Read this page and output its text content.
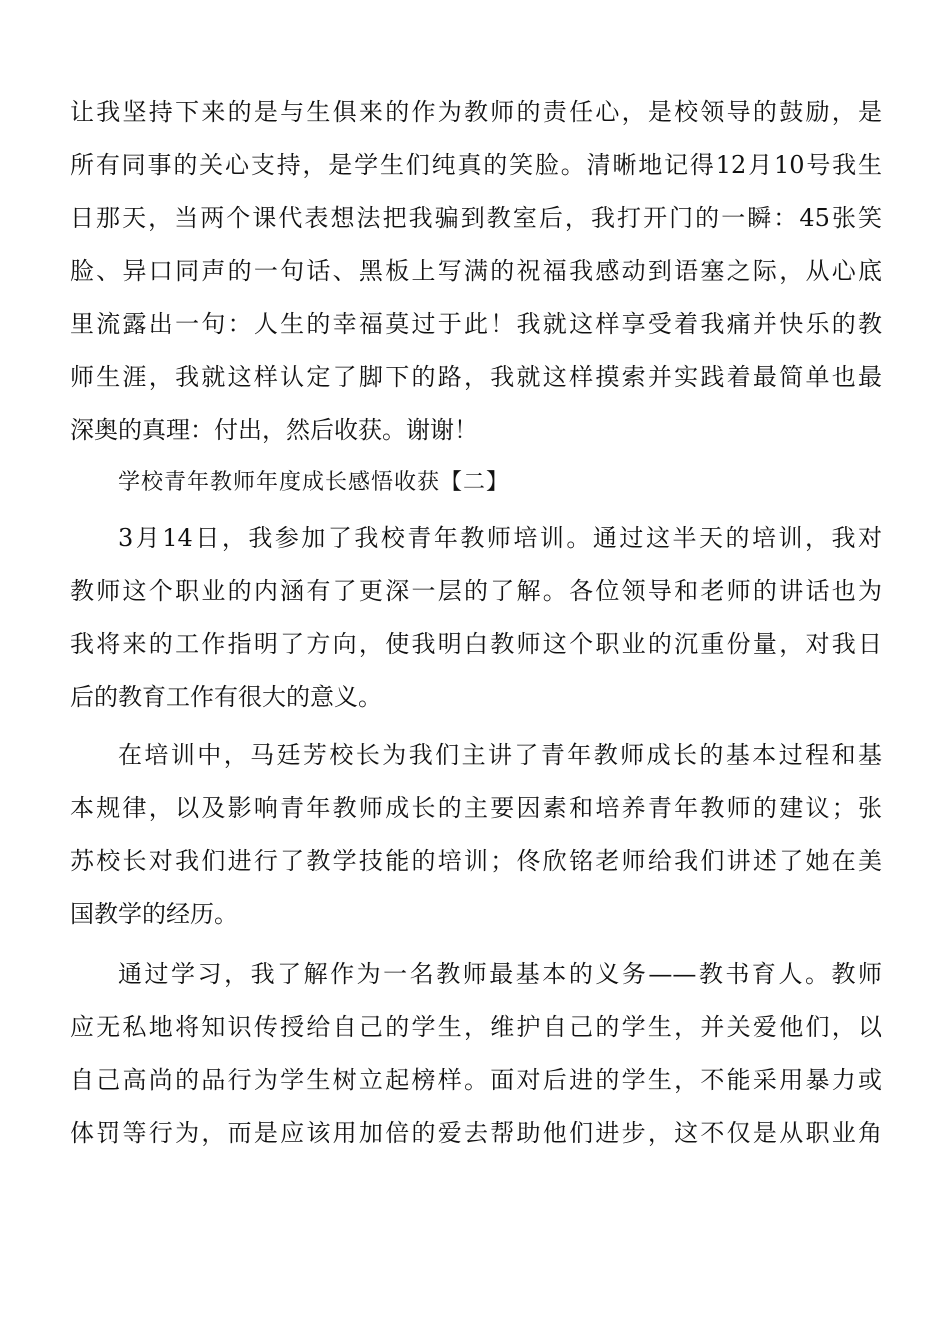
让我坚持下来的是与生俱来的作为教师的责任心，是校领导的鼓励，是
所有同事的关心支持，是学生们纯真的笑脸。清晰地记得12月10号我生
日那天，当两个课代表想法把我骗到教室后，我打开门的一瞬：45张笑
脸、异口同声的一句话、黑板上写满的祝福我感动到语塞之际，从心底
里流露出一句：人生的幸福莫过于此！我就这样享受着我痛并快乐的教
师生涯，我就这样认定了脚下的路，我就这样摸索并实践着最简单也最
深奥的真理：付出，然后收获。谢谢！
学校青年教师年度成长感悟收获【二】
3月14日，我参加了我校青年教师培训。通过这半天的培训，我对
教师这个职业的内涵有了更深一层的了解。各位领导和老师的讲话也为
我将来的工作指明了方向，使我明白教师这个职业的沉重份量，对我日
后的教育工作有很大的意义。
在培训中，马廷芳校长为我们主讲了青年教师成长的基本过程和基
本规律，以及影响青年教师成长的主要因素和培养青年教师的建议；张
苏校长对我们进行了教学技能的培训；佟欣铭老师给我们讲述了她在美
国教学的经历。
通过学习，我了解作为一名教师最基本的义务——教书育人。教师
应无私地将知识传授给自己的学生，维护自己的学生，并关爱他们，以
自己高尚的品行为学生树立起榜样。面对后进的学生，不能采用暴力或
体罚等行为，而是应该用加倍的爱去帮助他们进步，这不仅是从职业角
